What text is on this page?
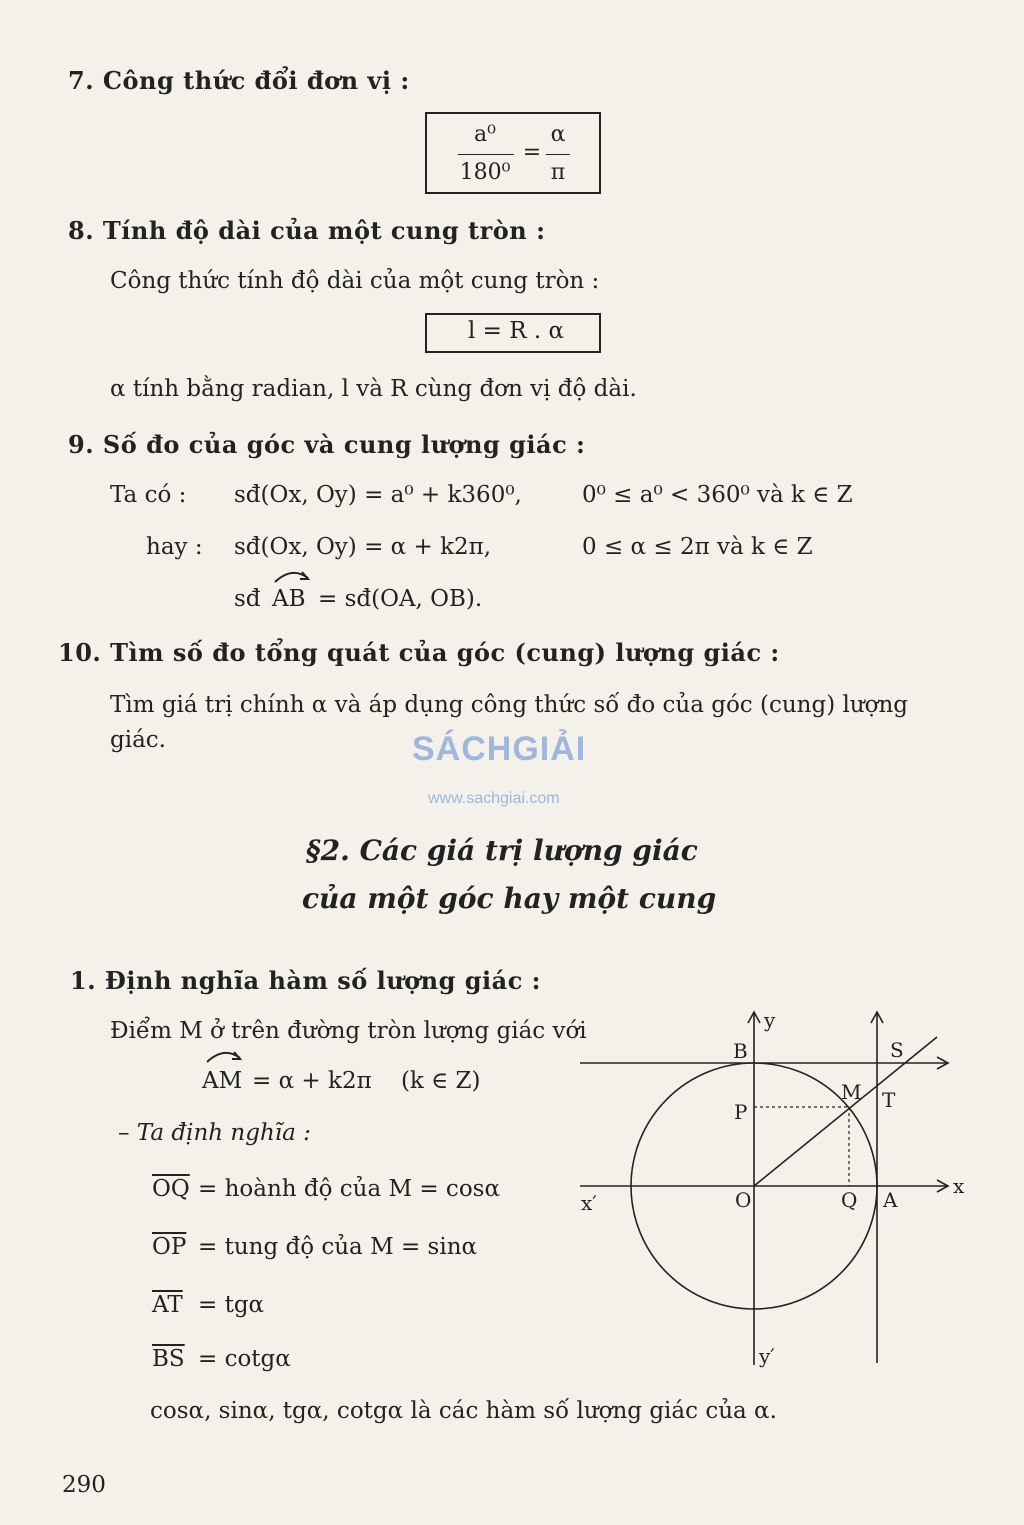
7. Công thức đổi đơn vị :
a⁰
180⁰
=
α
π
8. Tính độ dài của một cung tròn :
Công thức tính độ dài của một cung tròn :
l = R . α
α tính bằng radian, l và R cùng đơn vị độ dài.
9. Số đo của góc và cung lượng giác :
Ta có : sđ(Ox, Oy) = a⁰ + k360⁰,	0⁰ ≤ a⁰ < 360⁰ và k ∈ Z
hay : sđ(Ox, Oy) = α + k2π,	0 ≤ α ≤ 2π và k ∈ Z
sđ AB = sđ(OA, OB).
10. Tìm số đo tổng quát của góc (cung) lượng giác :
Tìm giá trị chính α và áp dụng công thức số đo của góc (cung) lượng
giác.	SÁCHGIẢI
www.sachgiai.com
§2. Các giá trị lượng giác
của một góc hay một cung
1. Định nghĩa hàm số lượng giác :
Điểm M ở trên đường tròn lượng giác với
AM = α + k2π    (k ∈ Z)
– Ta định nghĩa :
$\overline{OQ}$ = hoành độ của M = cosα
$\overline{OP}$ = tung độ của M = sinα
$\overline{AT} = tg\alpha$
$\overline{BS} = \cot g\alpha$
cosα, sinα, tgα, cotgα là các hàm số lượng giác của α.
y
B	S
M T
P
x′	O	Q A
x
y′
290
